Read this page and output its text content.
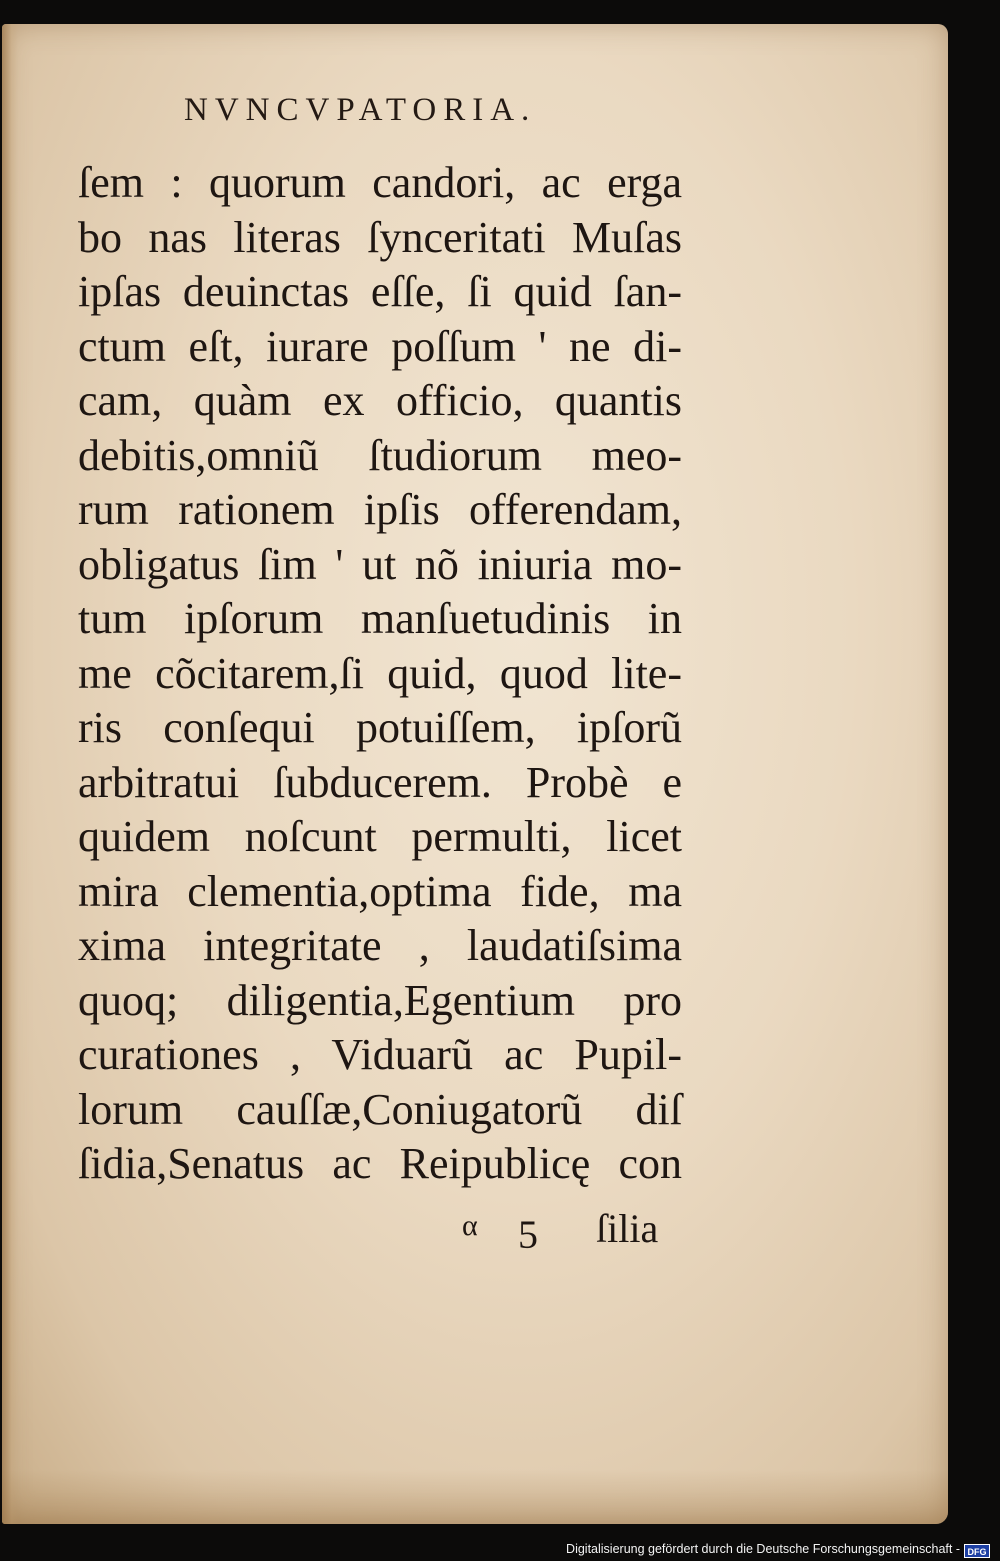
NVNCVPATORIA.
ſem : quorum candori, ac erga
bo nas literas ſynceritati Muſas
ipſas deuinctas eſſe, ſi quid ſan-
ctum eſt, iurare poſſum ' ne di-
cam, quàm ex officio, quantis
debitis,omniũ ſtudiorum meo-
rum rationem ipſis offerendam,
obligatus ſim ' ut nõ iniuria mo-
tum ipſorum manſuetudinis in
me cõcitarem,ſi quid, quod lite-
ris conſequi potuiſſem, ipſorũ
arbitratui ſubducerem. Probè e
quidem noſcunt permulti, licet
mira clementia,optima fide, ma
xima integritate , laudatiſsima
quoq; diligentia,Egentium pro
curationes , Viduarũ ac Pupil-
lorum cauſſæ,Coniugatorũ diſ
ſidia,Senatus ac Reipublicę con
α 5 ſilia
Digitalisierung gefördert durch die Deutsche Forschungsgemeinschaft - DFG
